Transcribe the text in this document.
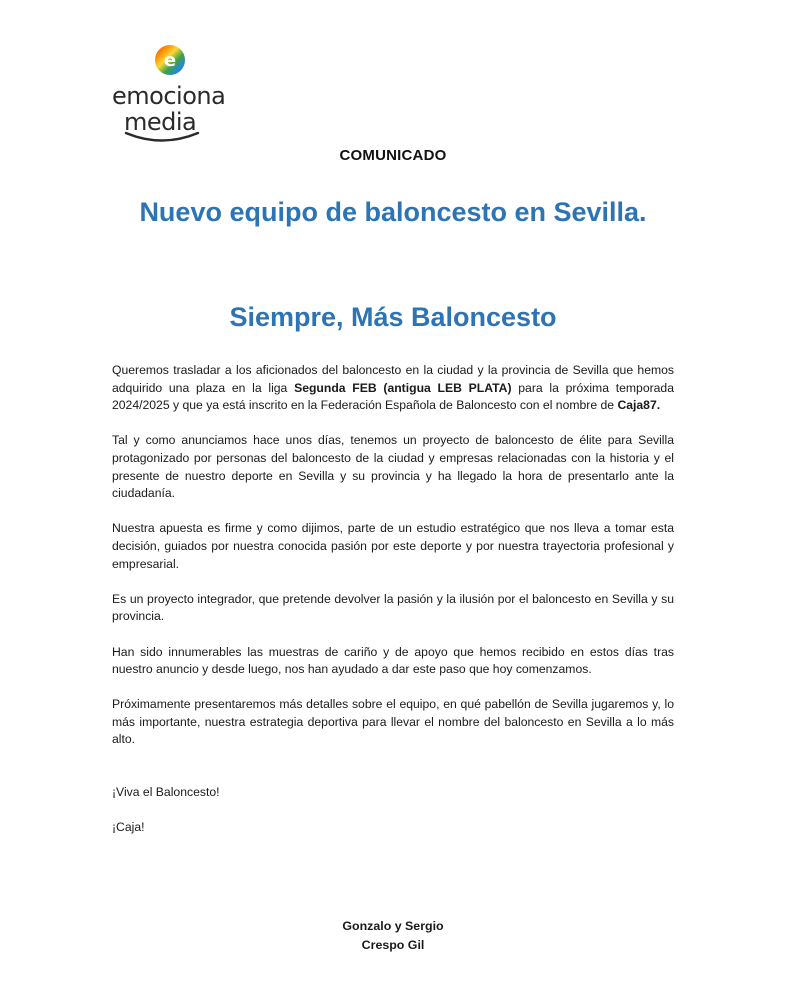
e
emociona
media
COMUNICADO
Nuevo equipo de baloncesto en Sevilla.
Siempre, Más Baloncesto

Queremos trasladar a los aficionados del baloncesto en la ciudad y la provincia de Sevilla que hemos adquirido una plaza en la liga Segunda FEB (antigua LEB PLATA) para la próxima temporada 2024/2025 y que ya está inscrito en la Federación Española de Baloncesto con el nombre de Caja87.

Tal y como anunciamos hace unos días, tenemos un proyecto de baloncesto de élite para Sevilla protagonizado por personas del baloncesto de la ciudad y empresas relacionadas con la historia y el presente de nuestro deporte en Sevilla y su provincia y ha llegado la hora de presentarlo ante la ciudadanía.

Nuestra apuesta es firme y como dijimos, parte de un estudio estratégico que nos lleva a tomar esta decisión, guiados por nuestra conocida pasión por este deporte y por nuestra trayectoria profesional y empresarial.

Es un proyecto integrador, que pretende devolver la pasión y la ilusión por el baloncesto en Sevilla y su provincia.

Han sido innumerables las muestras de cariño y de apoyo que hemos recibido en estos días tras nuestro anuncio y desde luego, nos han ayudado a dar este paso que hoy comenzamos.

Próximamente presentaremos más detalles sobre el equipo, en qué pabellón de Sevilla jugaremos y, lo más importante, nuestra estrategia deportiva para llevar el nombre del baloncesto en Sevilla a lo más alto.

¡Viva el Baloncesto!

¡Caja!

Gonzalo y Sergio
Crespo Gil
